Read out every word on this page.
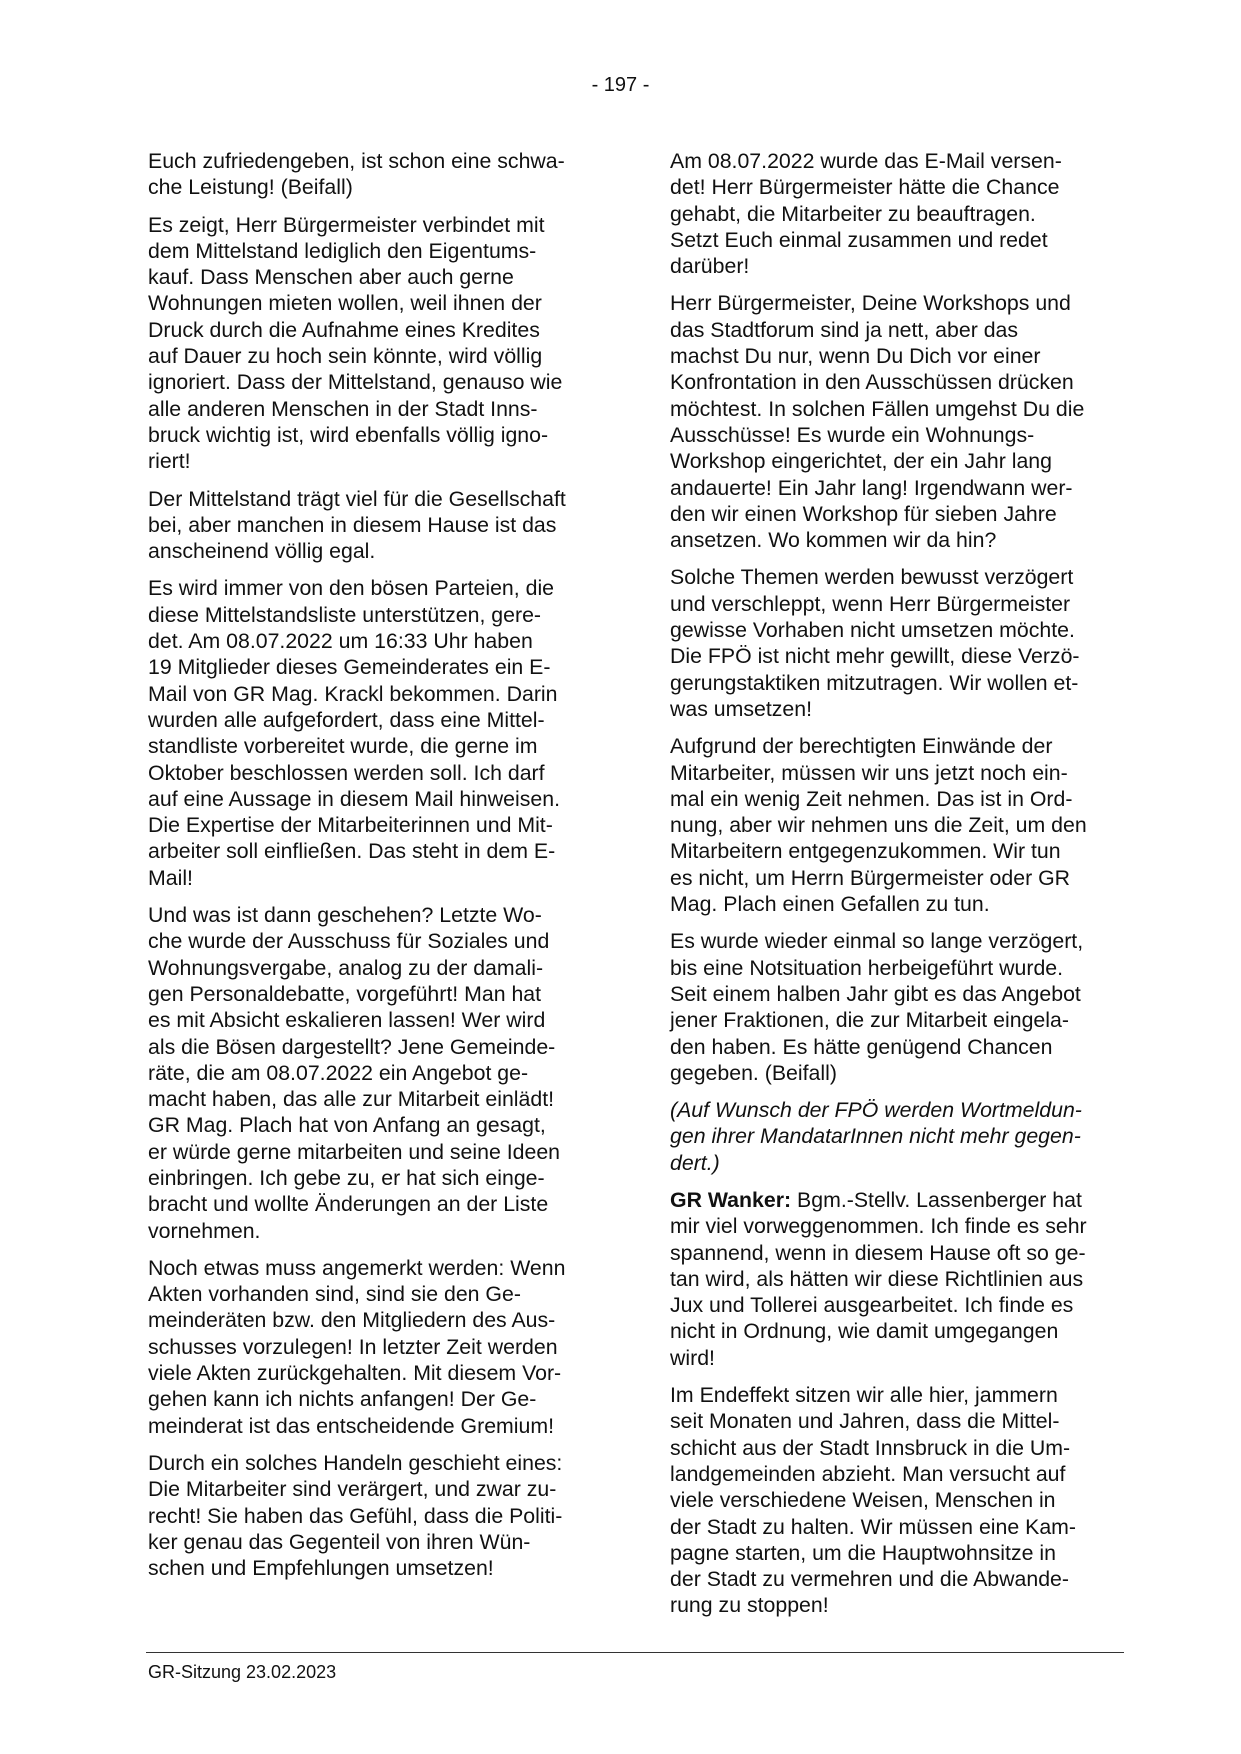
- 197 -

Euch zufriedengeben, ist schon eine schwa-
che Leistung! (Beifall)

Es zeigt, Herr Bürgermeister verbindet mit
dem Mittelstand lediglich den Eigentums-
kauf. Dass Menschen aber auch gerne
Wohnungen mieten wollen, weil ihnen der
Druck durch die Aufnahme eines Kredites
auf Dauer zu hoch sein könnte, wird völlig
ignoriert. Dass der Mittelstand, genauso wie
alle anderen Menschen in der Stadt Inns-
bruck wichtig ist, wird ebenfalls völlig igno-
riert!

Der Mittelstand trägt viel für die Gesellschaft
bei, aber manchen in diesem Hause ist das
anscheinend völlig egal.

Es wird immer von den bösen Parteien, die
diese Mittelstandsliste unterstützen, gere-
det. Am 08.07.2022 um 16:33 Uhr haben
19 Mitglieder dieses Gemeinderates ein E-
Mail von GR Mag. Krackl bekommen. Darin
wurden alle aufgefordert, dass eine Mittel-
standliste vorbereitet wurde, die gerne im
Oktober beschlossen werden soll. Ich darf
auf eine Aussage in diesem Mail hinweisen.
Die Expertise der Mitarbeiterinnen und Mit-
arbeiter soll einfließen. Das steht in dem E-
Mail!

Und was ist dann geschehen? Letzte Wo-
che wurde der Ausschuss für Soziales und
Wohnungsvergabe, analog zu der damali-
gen Personaldebatte, vorgeführt! Man hat
es mit Absicht eskalieren lassen! Wer wird
als die Bösen dargestellt? Jene Gemeinde-
räte, die am 08.07.2022 ein Angebot ge-
macht haben, das alle zur Mitarbeit einlädt!
GR Mag. Plach hat von Anfang an gesagt,
er würde gerne mitarbeiten und seine Ideen
einbringen. Ich gebe zu, er hat sich einge-
bracht und wollte Änderungen an der Liste
vornehmen.

Noch etwas muss angemerkt werden: Wenn
Akten vorhanden sind, sind sie den Ge-
meinderäten bzw. den Mitgliedern des Aus-
schusses vorzulegen! In letzter Zeit werden
viele Akten zurückgehalten. Mit diesem Vor-
gehen kann ich nichts anfangen! Der Ge-
meinderat ist das entscheidende Gremium!

Durch ein solches Handeln geschieht eines:
Die Mitarbeiter sind verärgert, und zwar zu-
recht! Sie haben das Gefühl, dass die Politi-
ker genau das Gegenteil von ihren Wün-
schen und Empfehlungen umsetzen!

Am 08.07.2022 wurde das E-Mail versen-
det! Herr Bürgermeister hätte die Chance
gehabt, die Mitarbeiter zu beauftragen.
Setzt Euch einmal zusammen und redet
darüber!

Herr Bürgermeister, Deine Workshops und
das Stadtforum sind ja nett, aber das
machst Du nur, wenn Du Dich vor einer
Konfrontation in den Ausschüssen drücken
möchtest. In solchen Fällen umgehst Du die
Ausschüsse! Es wurde ein Wohnungs-
Workshop eingerichtet, der ein Jahr lang
andauerte! Ein Jahr lang! Irgendwann wer-
den wir einen Workshop für sieben Jahre
ansetzen. Wo kommen wir da hin?

Solche Themen werden bewusst verzögert
und verschleppt, wenn Herr Bürgermeister
gewisse Vorhaben nicht umsetzen möchte.
Die FPÖ ist nicht mehr gewillt, diese Verzö-
gerungstaktiken mitzutragen. Wir wollen et-
was umsetzen!

Aufgrund der berechtigten Einwände der
Mitarbeiter, müssen wir uns jetzt noch ein-
mal ein wenig Zeit nehmen. Das ist in Ord-
nung, aber wir nehmen uns die Zeit, um den
Mitarbeitern entgegenzukommen. Wir tun
es nicht, um Herrn Bürgermeister oder GR
Mag. Plach einen Gefallen zu tun.

Es wurde wieder einmal so lange verzögert,
bis eine Notsituation herbeigeführt wurde.
Seit einem halben Jahr gibt es das Angebot
jener Fraktionen, die zur Mitarbeit eingela-
den haben. Es hätte genügend Chancen
gegeben. (Beifall)

(Auf Wunsch der FPÖ werden Wortmeldun-
gen ihrer MandatarInnen nicht mehr gegen-
dert.)

GR Wanker: Bgm.-Stellv. Lassenberger hat
mir viel vorweggenommen. Ich finde es sehr
spannend, wenn in diesem Hause oft so ge-
tan wird, als hätten wir diese Richtlinien aus
Jux und Tollerei ausgearbeitet. Ich finde es
nicht in Ordnung, wie damit umgegangen
wird!

Im Endeffekt sitzen wir alle hier, jammern
seit Monaten und Jahren, dass die Mittel-
schicht aus der Stadt Innsbruck in die Um-
landgemeinden abzieht. Man versucht auf
viele verschiedene Weisen, Menschen in
der Stadt zu halten. Wir müssen eine Kam-
pagne starten, um die Hauptwohnsitze in
der Stadt zu vermehren und die Abwande-
rung zu stoppen!

GR-Sitzung 23.02.2023
